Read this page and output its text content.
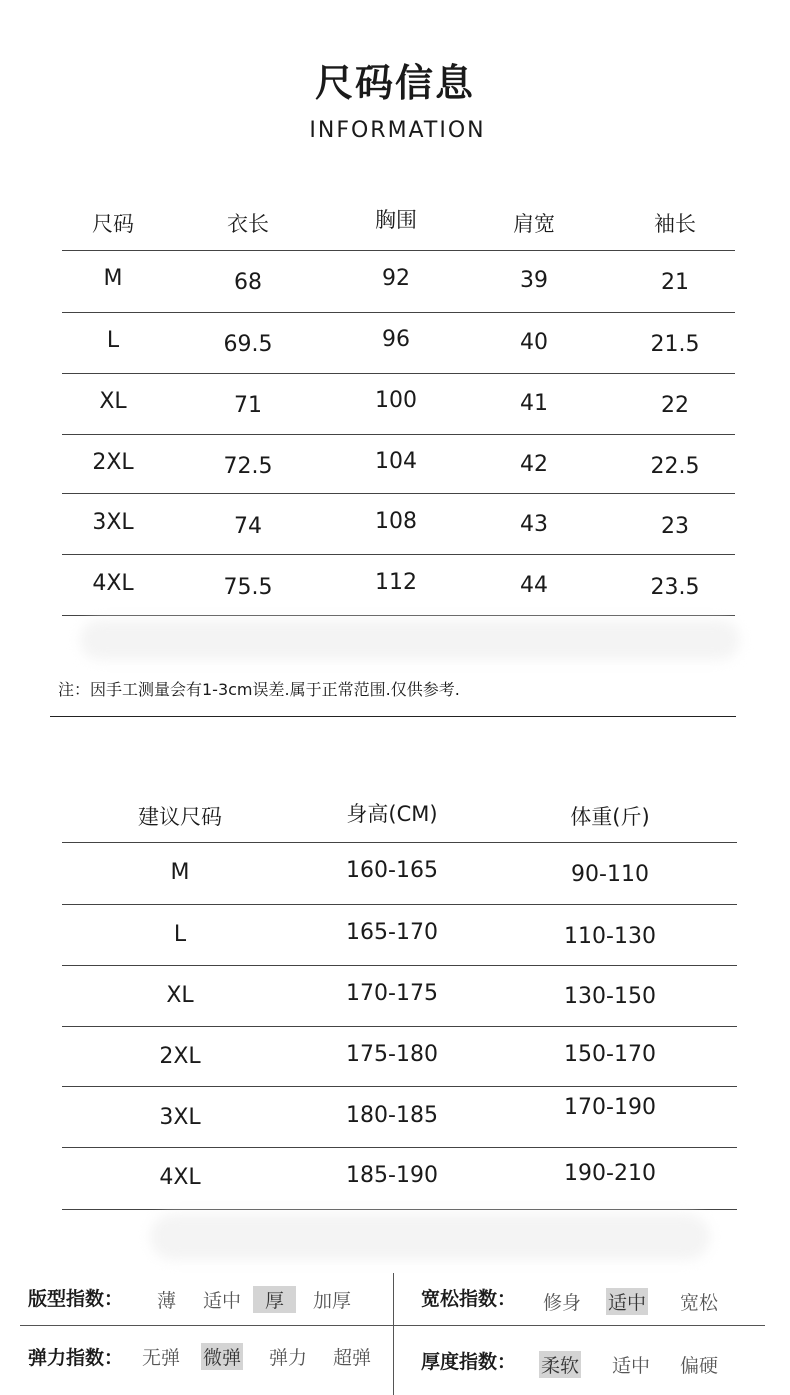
尺码信息
INFORMATION
尺码	衣长	胸围	肩宽	袖长
M	68	92	39	21
L	69.5	96	40	21.5
XL	71	100	41	22
2XL	72.5	104	42	22.5
3XL	74	108	43	23
4XL	75.5	112	44	23.5
注：因手工测量会有1-3cm误差.属于正常范围.仅供参考.
建议尺码	身高(CM)	体重(斤)
M	160-165	90-110
L	165-170	110-130
XL	170-175	130-150
2XL	175-180	150-170
3XL	180-185	170-190
4XL	185-190	190-210
版型指数： 薄 适中	厚	加厚
弹力指数： 无弹 微弹 弹力 超弹
宽松指数： 修身 适中 宽松
厚度指数： 柔软 适中 偏硬
